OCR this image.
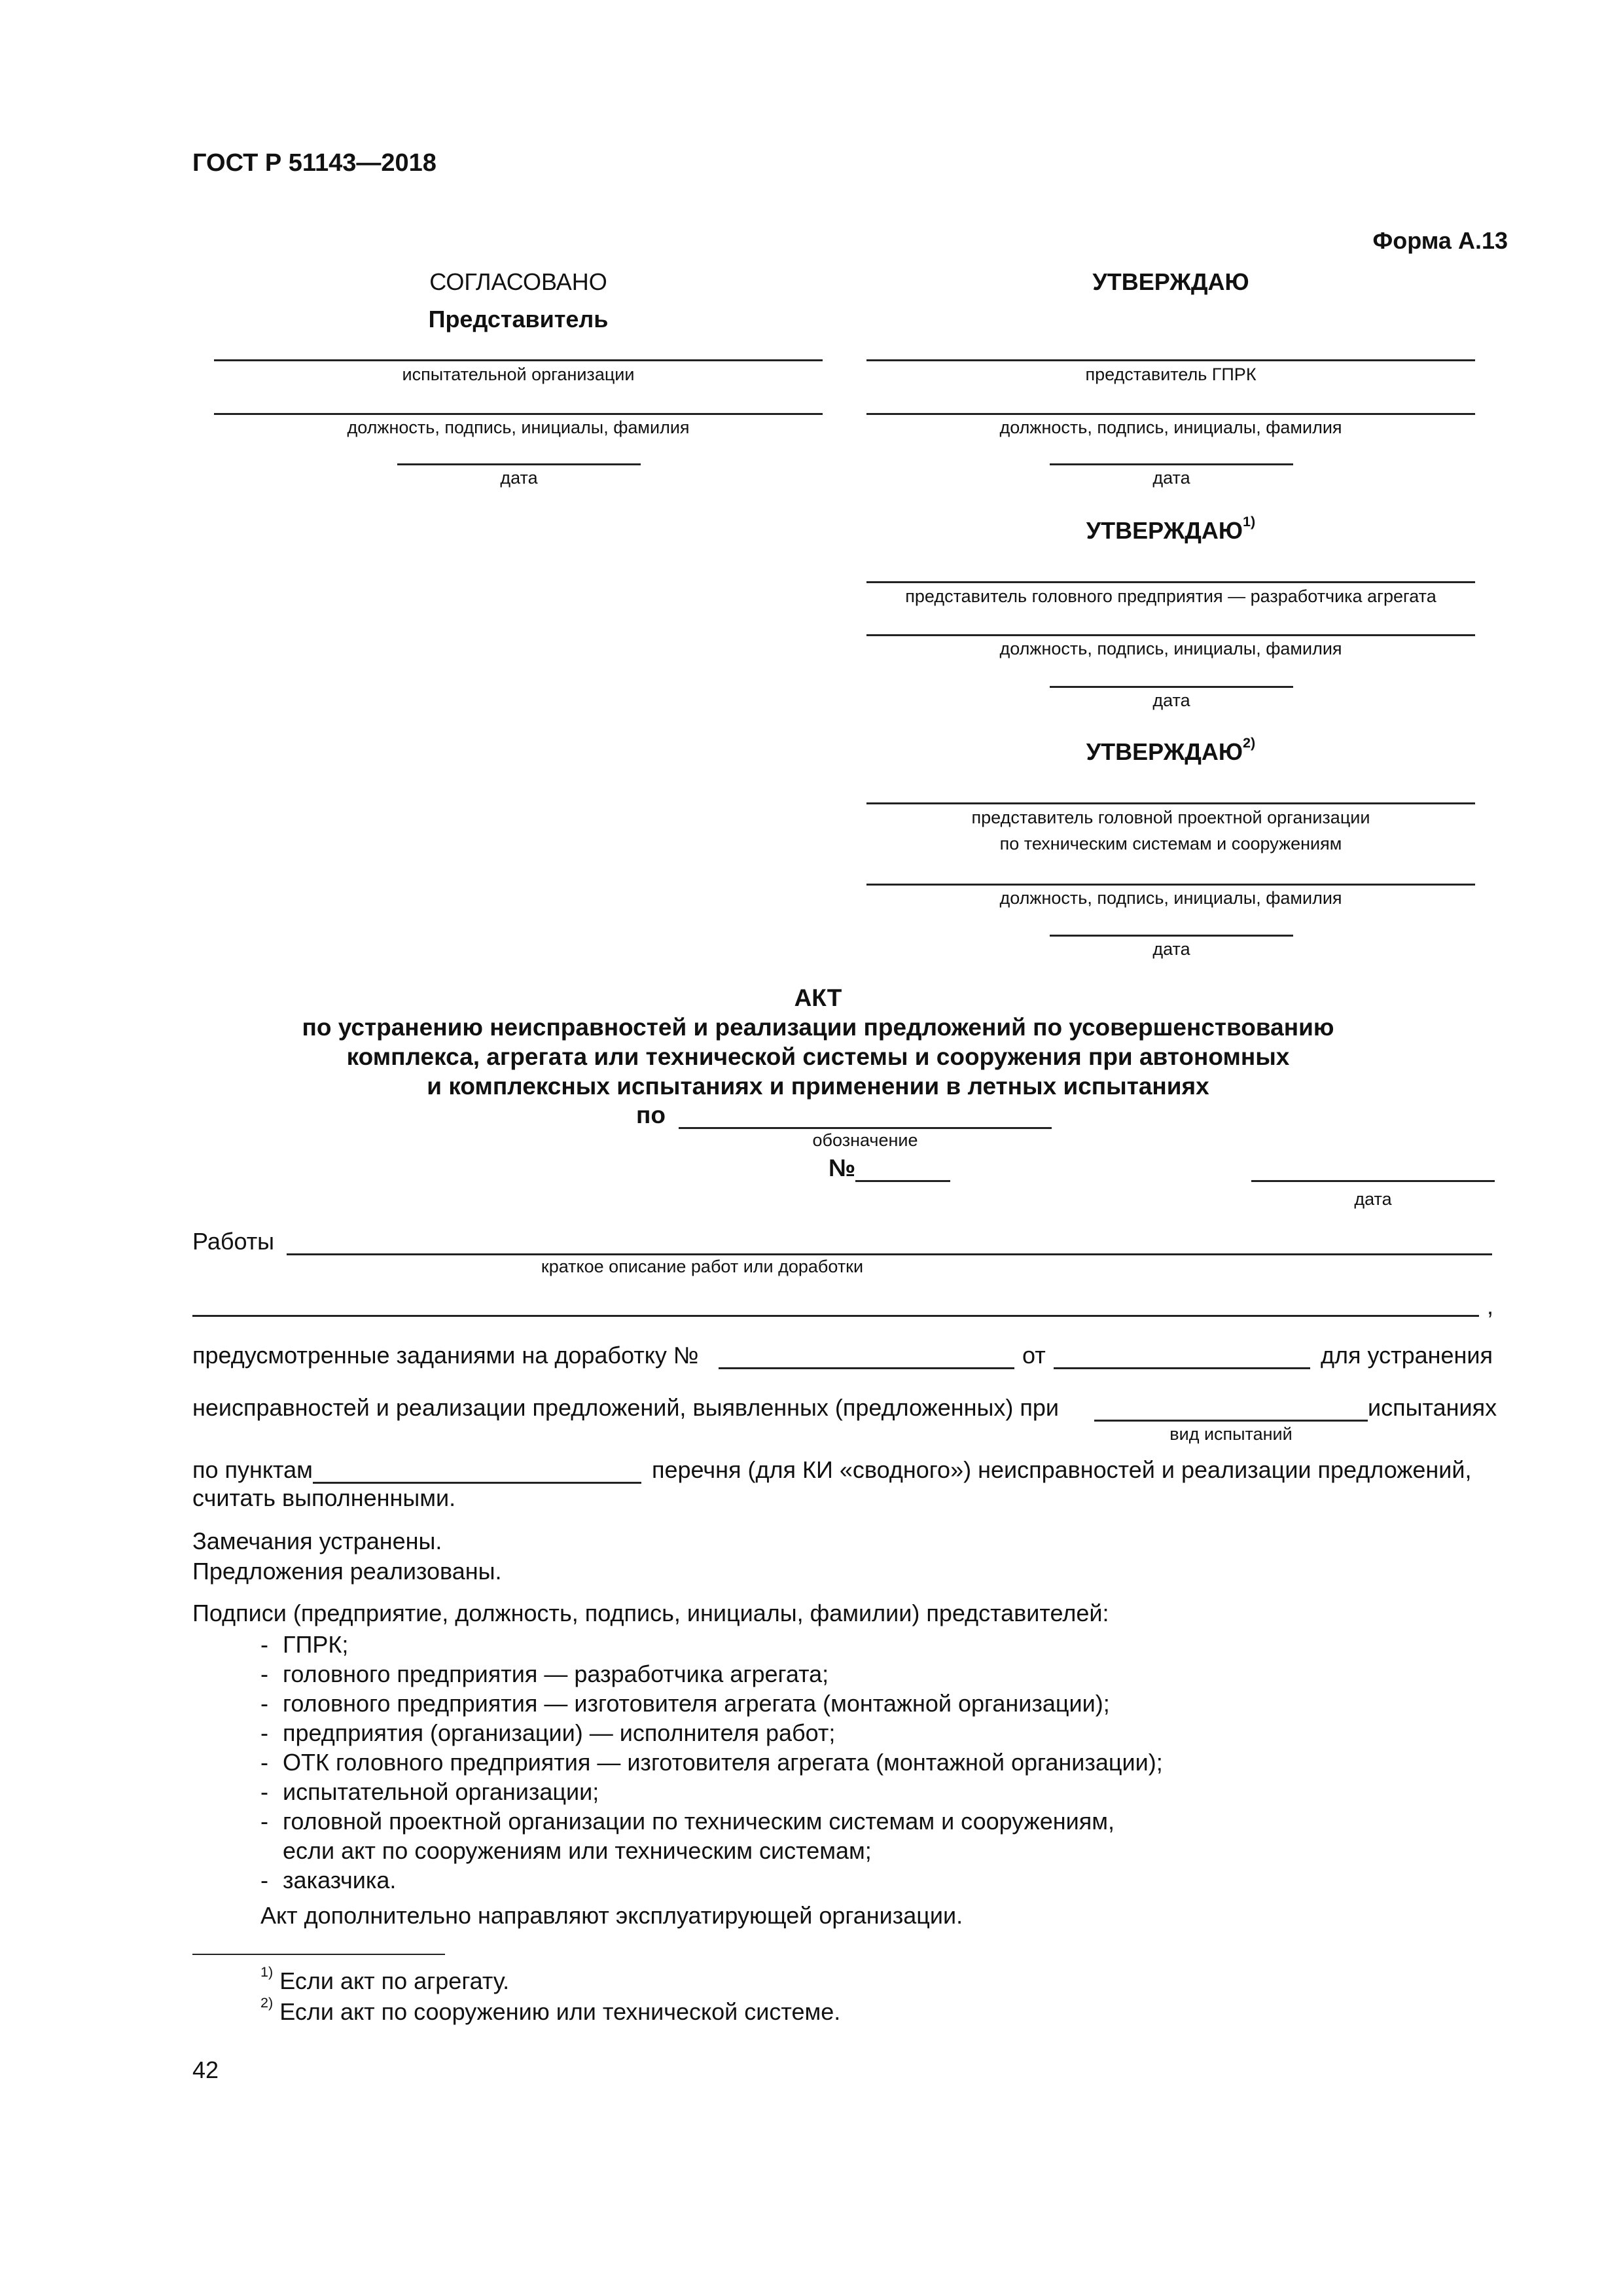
ГОСТ Р 51143—2018
Форма А.13
СОГЛАСОВАНО
Представитель
испытательной организации
должность, подпись, инициалы, фамилия
дата
УТВЕРЖДАЮ
представитель ГПРК
должность, подпись, инициалы, фамилия
дата
УТВЕРЖДАЮ$^{1)}$
представитель головного предприятия — разработчика агрегата
должность, подпись, инициалы, фамилия
дата
УТВЕРЖДАЮ$^{2)}$
представитель головной проектной организации
по техническим системам и сооружениям
должность, подпись, инициалы, фамилия
дата
АКТ
по устранению неисправностей и реализации предложений по усовершенствованию
комплекса, агрегата или технической системы и сооружения при автономных
и комплексных испытаниях и применении в летных испытаниях
по
обозначение
№
дата
Работы
краткое описание работ или доработки
,
предусмотренные заданиями на доработку №	от	для устранения
неисправностей и реализации предложений, выявленных (предложенных) при	испытаниях
вид испытаний
по пунктам	перечня (для КИ «сводного») неисправностей и реализации предложений,
считать выполненными.
Замечания устранены.
Предложения реализованы.
Подписи (предприятие, должность, подпись, инициалы, фамилии) представителей:
- ГПРК;
- головного предприятия — разработчика агрегата;
- головного предприятия — изготовителя агрегата (монтажной организации);
- предприятия (организации) — исполнителя работ;
- ОТК головного предприятия — изготовителя агрегата (монтажной организации);
- испытательной организации;
- головной проектной организации по техническим системам и сооружениям,
если акт по сооружениям или техническим системам;
- заказчика.
Акт дополнительно направляют эксплуатирующей организации.
$^{1)}$ Если акт по агрегату.
$^{2)}$ Если акт по сооружению или технической системе.
42
